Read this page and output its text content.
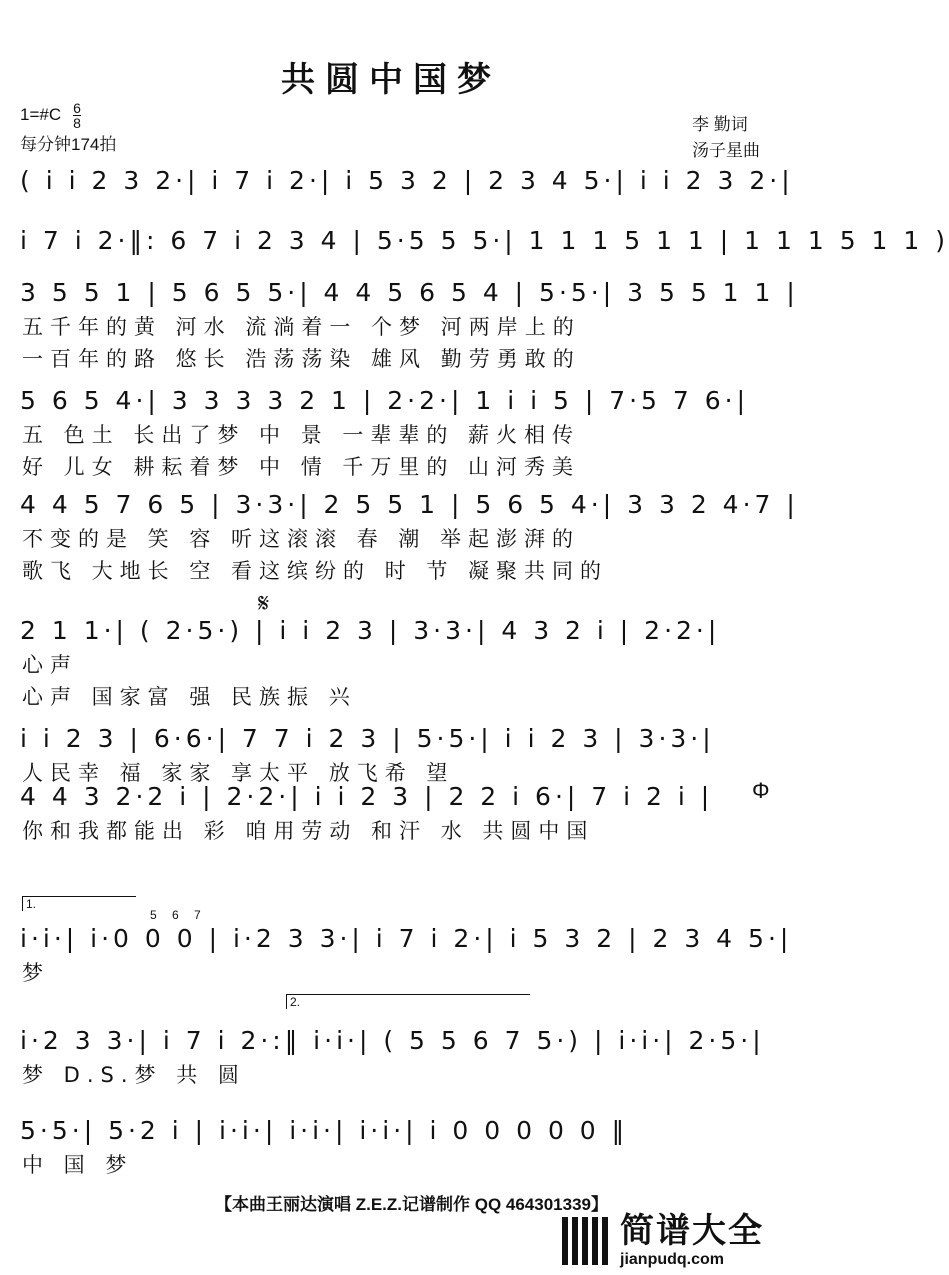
共圆中国梦
1=#C 6
8
每分钟174拍
李 勤词
汤子星曲
( i i 2 3 2·| i 7 i 2·| i 5 3 2 | 2 3 4 5·| i i 2 3 2·|
i 7 i 2·‖: 6 7 i 2 3 4 | 5·5 5 5·| 1 1 1 5 1 1 | 1 1 1 5 1 1 )
3 5 5 1 | 5 6 5 5·| 4 4 5 6 5 4 | 5·5·| 3 5 5 1 1 |
五千年的黄 河水 流淌着一 个梦 河两岸上的
一百年的路 悠长 浩荡荡染 雄风 勤劳勇敢的
5 6 5 4·| 3 3 3 3 2 1 | 2·2·| 1 i i 5 | 7·5 7 6·|
五 色土 长出了梦 中 景 一辈辈的 薪火相传
好 儿女 耕耘着梦 中 情 千万里的 山河秀美
4 4 5 7 6 5 | 3·3·| 2 5 5 1 | 5 6 5 4·| 3 3 2 4·7 |
不变的是 笑 容 听这滚滚 春 潮 举起澎湃的
歌飞 大地长 空 看这缤纷的 时 节 凝聚共同的
2 1 1·| ( 2·5·) | i i 2 3 | 3·3·| 4 3 2 i | 2·2·|
心声
心声 国家富 强 民族振 兴
i i 2 3 | 6·6·| 7 7 i 2 3 | 5·5·| i i 2 3 | 3·3·|
人民幸 福 家家 享太平 放飞希 望
4 4 3 2·2 i | 2·2·| i i 2 3 | 2 2 i 6·| 7 i 2 i |
你和我都能出 彩 咱用劳动 和汗 水 共圆中国
i·i·| i·0 0 0 | i·2 3 3·| i 7 i 2·| i 5 3 2 | 2 3 4 5·|
梦
i·2 3 3·| i 7 i 2·:‖ i·i·| ( 5 5 6 7 5·) | i·i·| 2·5·|
梦 D.S.梦 共 圆
5·5·| 5·2 i | i·i·| i·i·| i·i·| i 0 0 0 0 0 ‖
中 国 梦
𝄋
Φ
1.
2.
5 6 7
【本曲王丽达演唱 Z.E.Z.记谱制作 QQ 464301339】
简谱大全
jianpudq.com
